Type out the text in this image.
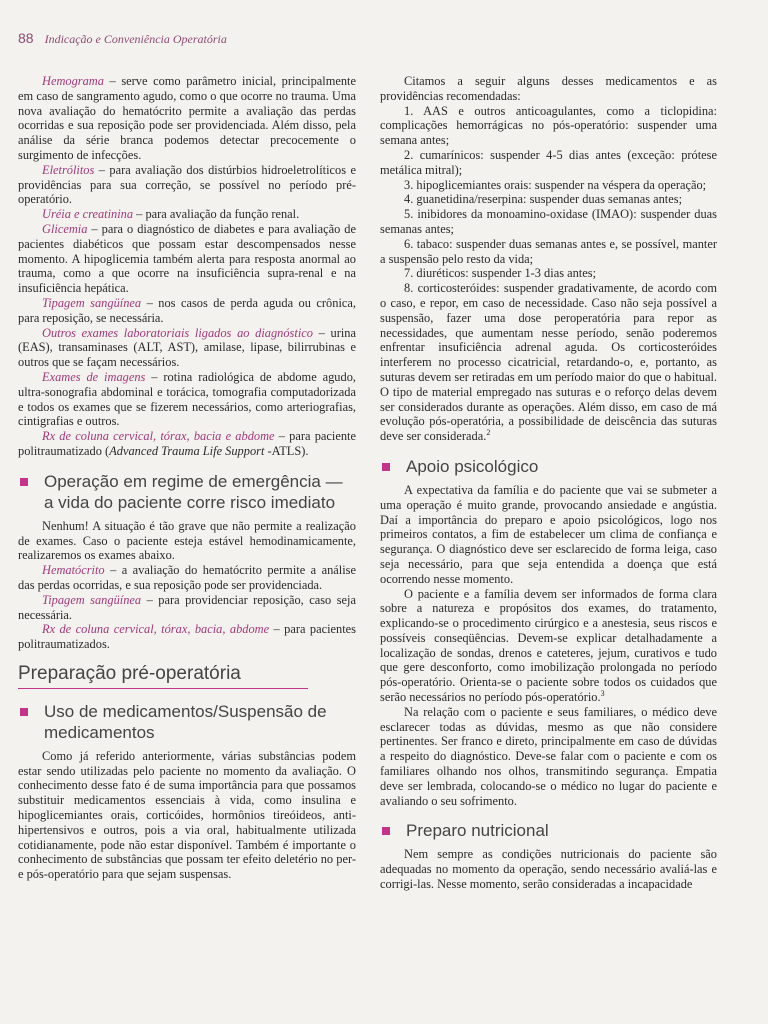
88 Indicação e Conveniência Operatória

Hemograma – serve como parâmetro inicial, principalmente em caso de sangramento agudo, como o que ocorre no trauma. Uma nova avaliação do hematócrito permite a avaliação das perdas ocorridas e sua reposição pode ser providenciada. Além disso, pela análise da série branca podemos detectar precocemente o surgimento de infecções.

Eletrólitos – para avaliação dos distúrbios hidroeletrolíticos e providências para sua correção, se possível no período pré-operatório.

Uréia e creatinina – para avaliação da função renal.

Glicemia – para o diagnóstico de diabetes e para avaliação de pacientes diabéticos que possam estar descompensados nesse momento. A hipoglicemia também alerta para resposta anormal ao trauma, como a que ocorre na insuficiência supra-renal e na insuficiência hepática.

Tipagem sangüínea – nos casos de perda aguda ou crônica, para reposição, se necessária.

Outros exames laboratoriais ligados ao diagnóstico – urina (EAS), transaminases (ALT, AST), amilase, lipase, bilirrubinas e outros que se façam necessários.

Exames de imagens – rotina radiológica de abdome agudo, ultra-sonografia abdominal e torácica, tomografia computadorizada e todos os exames que se fizerem necessários, como arteriografias, cintigrafias e outros.

Rx de coluna cervical, tórax, bacia e abdome – para paciente politraumatizado (Advanced Trauma Life Support -ATLS).

Operação em regime de emergência — a vida do paciente corre risco imediato

Nenhum! A situação é tão grave que não permite a realização de exames. Caso o paciente esteja estável hemodinamicamente, realizaremos os exames abaixo.

Hematócrito – a avaliação do hematócrito permite a análise das perdas ocorridas, e sua reposição pode ser providenciada.

Tipagem sangüínea – para providenciar reposição, caso seja necessária.

Rx de coluna cervical, tórax, bacia, abdome – para pacientes politraumatizados.

Preparação pré-operatória
Uso de medicamentos/Suspensão de medicamentos

Como já referido anteriormente, várias substâncias podem estar sendo utilizadas pelo paciente no momento da avaliação. O conhecimento desse fato é de suma importância para que possamos substituir medicamentos essenciais à vida, como insulina e hipoglicemiantes orais, corticóides, hormônios tireóideos, anti-hipertensivos e outros, pois a via oral, habitualmente utilizada cotidianamente, pode não estar disponível. Também é importante o conhecimento de substâncias que possam ter efeito deletério no per- e pós-operatório para que sejam suspensas.

Citamos a seguir alguns desses medicamentos e as providências recomendadas:

1. AAS e outros anticoagulantes, como a ticlopidina: complicações hemorrágicas no pós-operatório: suspender uma semana antes;

2. cumarínicos: suspender 4-5 dias antes (exceção: prótese metálica mitral);

3. hipoglicemiantes orais: suspender na véspera da operação;

4. guanetidina/reserpina: suspender duas semanas antes;

5. inibidores da monoamino-oxidase (IMAO): suspender duas semanas antes;

6. tabaco: suspender duas semanas antes e, se possível, manter a suspensão pelo resto da vida;

7. diuréticos: suspender 1-3 dias antes;

8. corticosteróides: suspender gradativamente, de acordo com o caso, e repor, em caso de necessidade. Caso não seja possível a suspensão, fazer uma dose peroperatória para repor as necessidades, que aumentam nesse período, senão poderemos enfrentar insuficiência adrenal aguda. Os corticosteróides interferem no processo cicatricial, retardando-o, e, portanto, as suturas devem ser retiradas em um período maior do que o habitual. O tipo de material empregado nas suturas e o reforço delas devem ser considerados durante as operações. Além disso, em caso de má evolução pós-operatória, a possibilidade de deiscência das suturas deve ser considerada.$^2$

Apoio psicológico

A expectativa da família e do paciente que vai se submeter a uma operação é muito grande, provocando ansiedade e angústia. Daí a importância do preparo e apoio psicológicos, logo nos primeiros contatos, a fim de estabelecer um clima de confiança e segurança. O diagnóstico deve ser esclarecido de forma leiga, caso seja necessário, para que seja entendida a doença que está ocorrendo nesse momento.

O paciente e a família devem ser informados de forma clara sobre a natureza e propósitos dos exames, do tratamento, explicando-se o procedimento cirúrgico e a anestesia, seus riscos e possíveis conseqüências. Devem-se explicar detalhadamente a localização de sondas, drenos e cateteres, jejum, curativos e tudo que gere desconforto, como imobilização prolongada no período pós-operatório. Orienta-se o paciente sobre todos os cuidados que serão necessários no período pós-operatório.$^3$

Na relação com o paciente e seus familiares, o médico deve esclarecer todas as dúvidas, mesmo as que não considere pertinentes. Ser franco e direto, principalmente em caso de dúvidas a respeito do diagnóstico. Deve-se falar com o paciente e com os familiares olhando nos olhos, transmitindo segurança. Empatia deve ser lembrada, colocando-se o médico no lugar do paciente e avaliando o seu sofrimento.

Preparo nutricional

Nem sempre as condições nutricionais do paciente são adequadas no momento da operação, sendo necessário avaliá-las e corrigi-las. Nesse momento, serão consideradas a incapacidade
